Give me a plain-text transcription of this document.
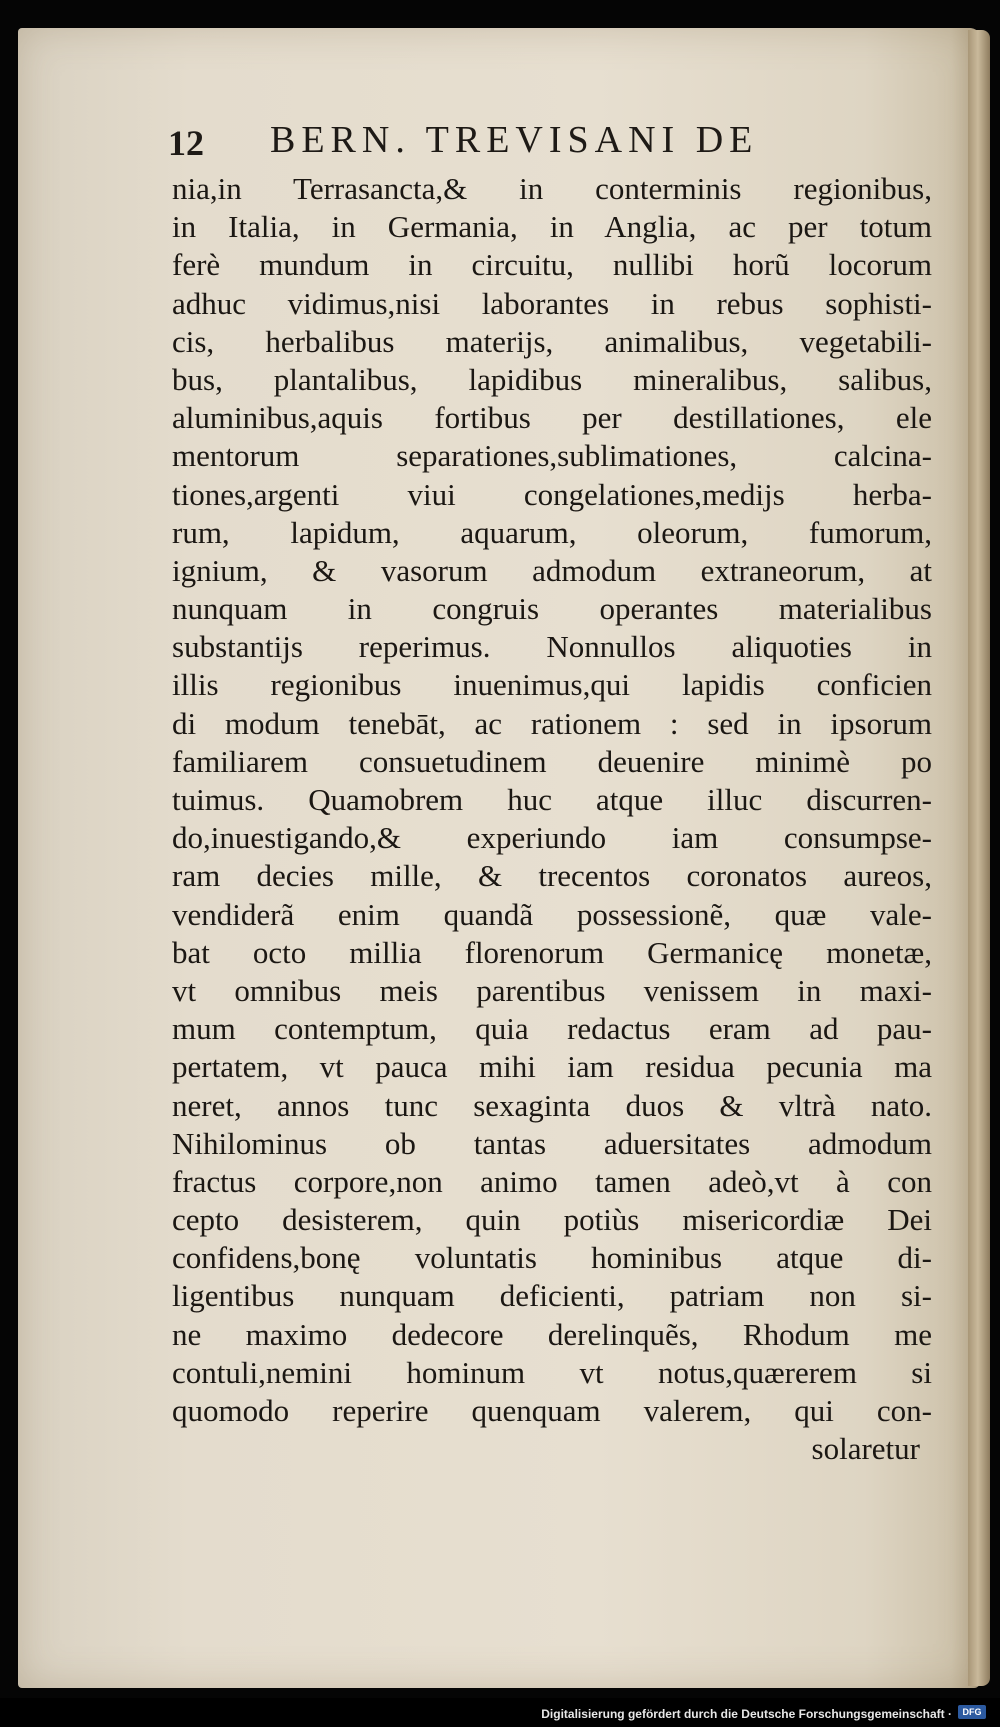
12 BERN. TREVISANI DE
nia,in Terrasancta,& in conterminis regionibus,
in Italia, in Germania, in Anglia, ac per totum
ferè mundum in circuitu, nullibi horũ locorum
adhuc vidimus,nisi laborantes in rebus sophisti-
cis, herbalibus materijs, animalibus, vegetabili-
bus, plantalibus, lapidibus mineralibus, salibus,
aluminibus,aquis fortibus per destillationes, ele
mentorum separationes,sublimationes, calcina-
tiones,argenti viui congelationes,medijs herba-
rum, lapidum, aquarum, oleorum, fumorum,
ignium, & vasorum admodum extraneorum, at
nunquam in congruis operantes materialibus
substantijs reperimus. Nonnullos aliquoties in
illis regionibus inuenimus,qui lapidis conficien
di modum tenebāt, ac rationem : sed in ipsorum
familiarem consuetudinem deuenire minimè po
tuimus. Quamobrem huc atque illuc discurren-
do,inuestigando,& experiundo iam consumpse-
ram decies mille, & trecentos coronatos aureos,
vendiderã enim quandã possessionẽ, quæ vale-
bat octo millia florenorum Germanicę monetæ,
vt omnibus meis parentibus venissem in maxi-
mum contemptum, quia redactus eram ad pau-
pertatem, vt pauca mihi iam residua pecunia ma
neret, annos tunc sexaginta duos & vltrà nato.
Nihilominus ob tantas aduersitates admodum
fractus corpore,non animo tamen adeò,vt à con
cepto desisterem, quin potiùs misericordiæ Dei
confidens,bonę voluntatis hominibus atque di-
ligentibus nunquam deficienti, patriam non si-
ne maximo dedecore derelinquẽs, Rhodum me
contuli,nemini hominum vt notus,quærerem si
quomodo reperire quenquam valerem, qui con-
solaretur
Digitalisierung gefördert durch die Deutsche Forschungsgemeinschaft ·	DFG
